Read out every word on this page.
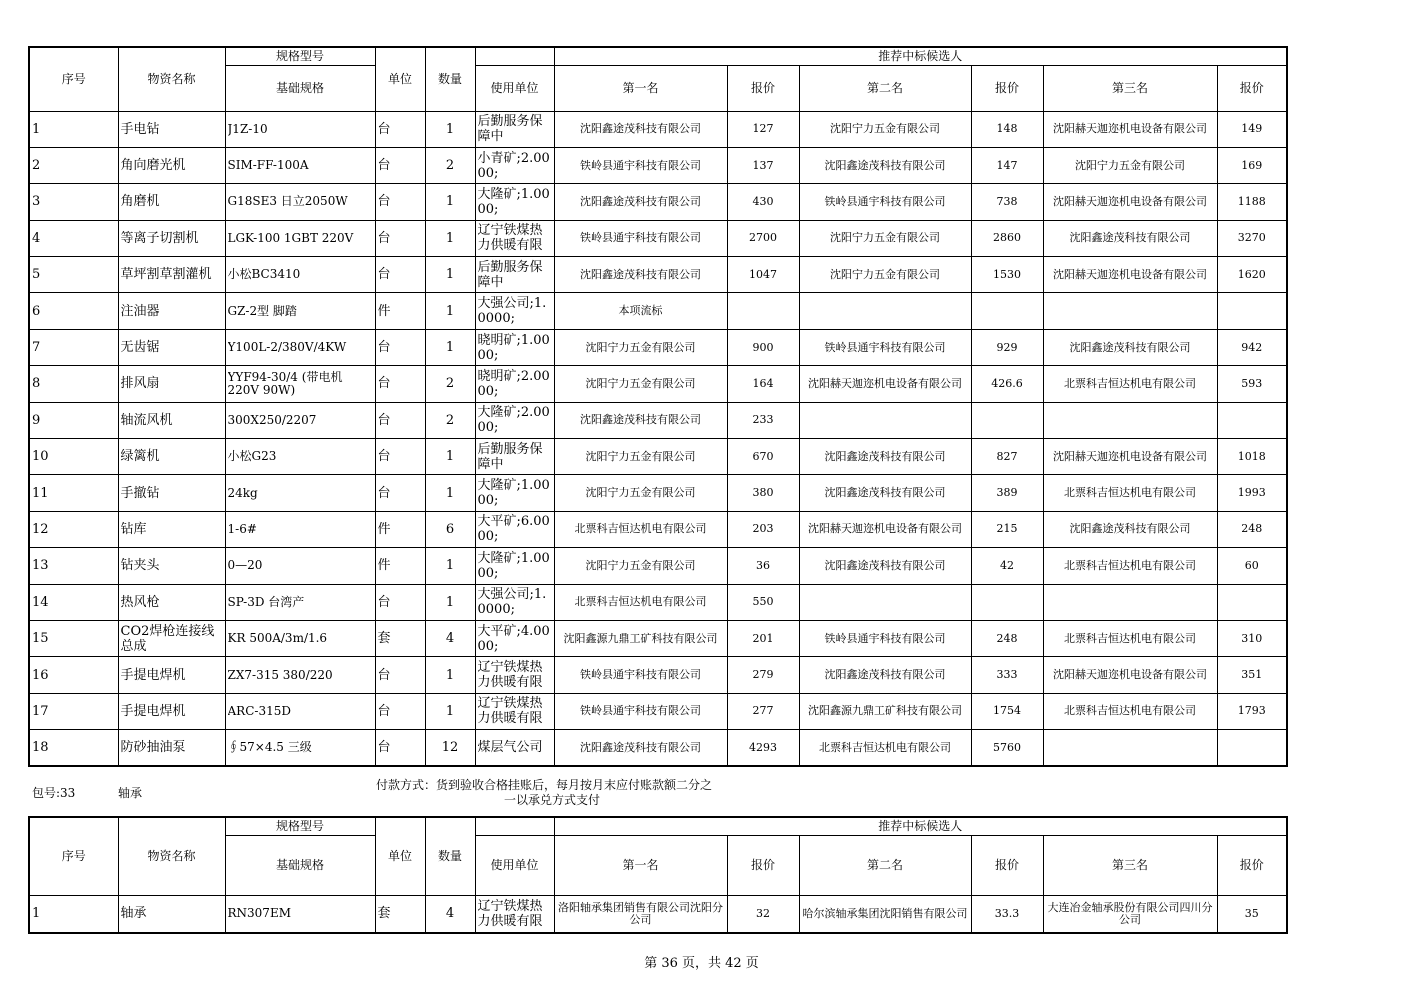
序号	物资名称	规格型号	单位	数量		推荐中标候选人					
		基础规格			使用单位	第一名	报价	第二名	报价	第三名	报价
1	手电钻	J1Z-10	台	1	后勤服务保障中	沈阳鑫途茂科技有限公司	127	沈阳宁力五金有限公司	148	沈阳赫天迦迩机电设备有限公司	149
2	角向磨光机	SIM-FF-100A	台	2	小青矿;2.0000;	铁岭县通宇科技有限公司	137	沈阳鑫途茂科技有限公司	147	沈阳宁力五金有限公司	169
3	角磨机	G18SE3 日立2050W	台	1	大隆矿;1.0000;	沈阳鑫途茂科技有限公司	430	铁岭县通宇科技有限公司	738	沈阳赫天迦迩机电设备有限公司	1188
4	等离子切割机	LGK-100 1GBT 220V	台	1	辽宁铁煤热力供暖有限	铁岭县通宇科技有限公司	2700	沈阳宁力五金有限公司	2860	沈阳鑫途茂科技有限公司	3270
5	草坪割草割灌机	小松BC3410	台	1	后勤服务保障中	沈阳鑫途茂科技有限公司	1047	沈阳宁力五金有限公司	1530	沈阳赫天迦迩机电设备有限公司	1620
6	注油器	GZ-2型 脚踏	件	1	大强公司;1.0000;	本项流标					
7	无齿锯	Y100L-2/380V/4KW	台	1	晓明矿;1.0000;	沈阳宁力五金有限公司	900	铁岭县通宇科技有限公司	929	沈阳鑫途茂科技有限公司	942
8	排风扇	YYF94-30/4 (带电机220V 90W)	台	2	晓明矿;2.0000;	沈阳宁力五金有限公司	164	沈阳赫天迦迩机电设备有限公司	426.6	北票科吉恒达机电有限公司	593
9	轴流风机	300X250/2207	台	2	大隆矿;2.0000;	沈阳鑫途茂科技有限公司	233				
10	绿篱机	小松G23	台	1	后勤服务保障中	沈阳宁力五金有限公司	670	沈阳鑫途茂科技有限公司	827	沈阳赫天迦迩机电设备有限公司	1018
11	手撤钻	24kg	台	1	大隆矿;1.0000;	沈阳宁力五金有限公司	380	沈阳鑫途茂科技有限公司	389	北票科吉恒达机电有限公司	1993
12	钻库	1-6#	件	6	大平矿;6.0000;	北票科吉恒达机电有限公司	203	沈阳赫天迦迩机电设备有限公司	215	沈阳鑫途茂科技有限公司	248
13	钻夹头	0—20	件	1	大隆矿;1.0000;	沈阳宁力五金有限公司	36	沈阳鑫途茂科技有限公司	42	北票科吉恒达机电有限公司	60
14	热风枪	SP-3D 台湾产	台	1	大强公司;1.0000;	北票科吉恒达机电有限公司	550				
15	CO2焊枪连接线总成	KR 500A/3m/1.6	套	4	大平矿;4.0000;	沈阳鑫源九鼎工矿科技有限公司	201	铁岭县通宇科技有限公司	248	北票科吉恒达机电有限公司	310
16	手提电焊机	ZX7-315 380/220	台	1	辽宁铁煤热力供暖有限	铁岭县通宇科技有限公司	279	沈阳鑫途茂科技有限公司	333	沈阳赫天迦迩机电设备有限公司	351
17	手提电焊机	ARC-315D	台	1	辽宁铁煤热力供暖有限	铁岭县通宇科技有限公司	277	沈阳鑫源九鼎工矿科技有限公司	1754	北票科吉恒达机电有限公司	1793
18	防砂抽油泵	∮57×4.5 三级	台	12	煤层气公司	沈阳鑫途茂科技有限公司	4293	北票科吉恒达机电有限公司	5760		
包号:33	轴承
付款方式：货到验收合格挂账后，每月按月末应付账款额二分之
一以承兑方式支付
序号	物资名称	规格型号	单位	数量		推荐中标候选人					
		基础规格			使用单位	第一名	报价	第二名	报价	第三名	报价
1	轴承	RN307EM	套	4	辽宁铁煤热力供暖有限	洛阳轴承集团销售有限公司沈阳分公司	32	哈尔滨轴承集团沈阳销售有限公司	33.3	大连冶金轴承股份有限公司四川分公司	35
第 36 页，共 42 页
